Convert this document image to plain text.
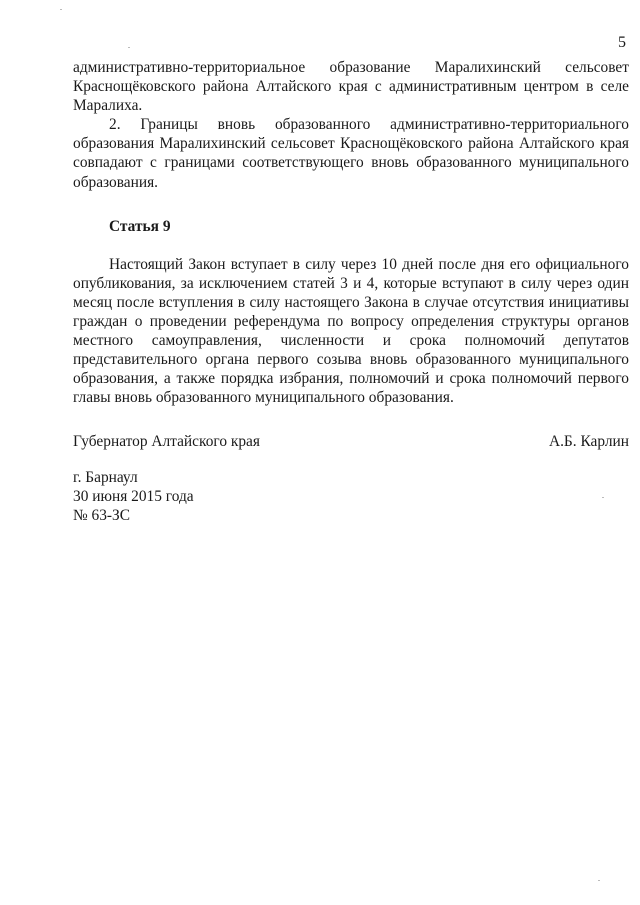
5

административно-территориальное образование Маралихинский сельсовет Краснощёковского района Алтайского края с административным центром в селе Маралиха.

2. Границы вновь образованного административно-территориального образования Маралихинский сельсовет Краснощёковского района Алтайского края совпадают с границами соответствующего вновь образованного муниципального образования.

Статья 9

Настоящий Закон вступает в силу через 10 дней после дня его официального опубликования, за исключением статей 3 и 4, которые вступают в силу через один месяц после вступления в силу настоящего Закона в случае отсутствия инициативы граждан о проведении референдума по вопросу определения структуры органов местного самоуправления, численности и срока полномочий депутатов представительного органа первого созыва вновь образованного муниципального образования, а также порядка избрания, полномочий и срока полномочий первого главы вновь образованного муниципального образования.

Губернатор Алтайского края	А.Б. Карлин
г. Барнаул
30 июня 2015 года
№ 63-ЗС
